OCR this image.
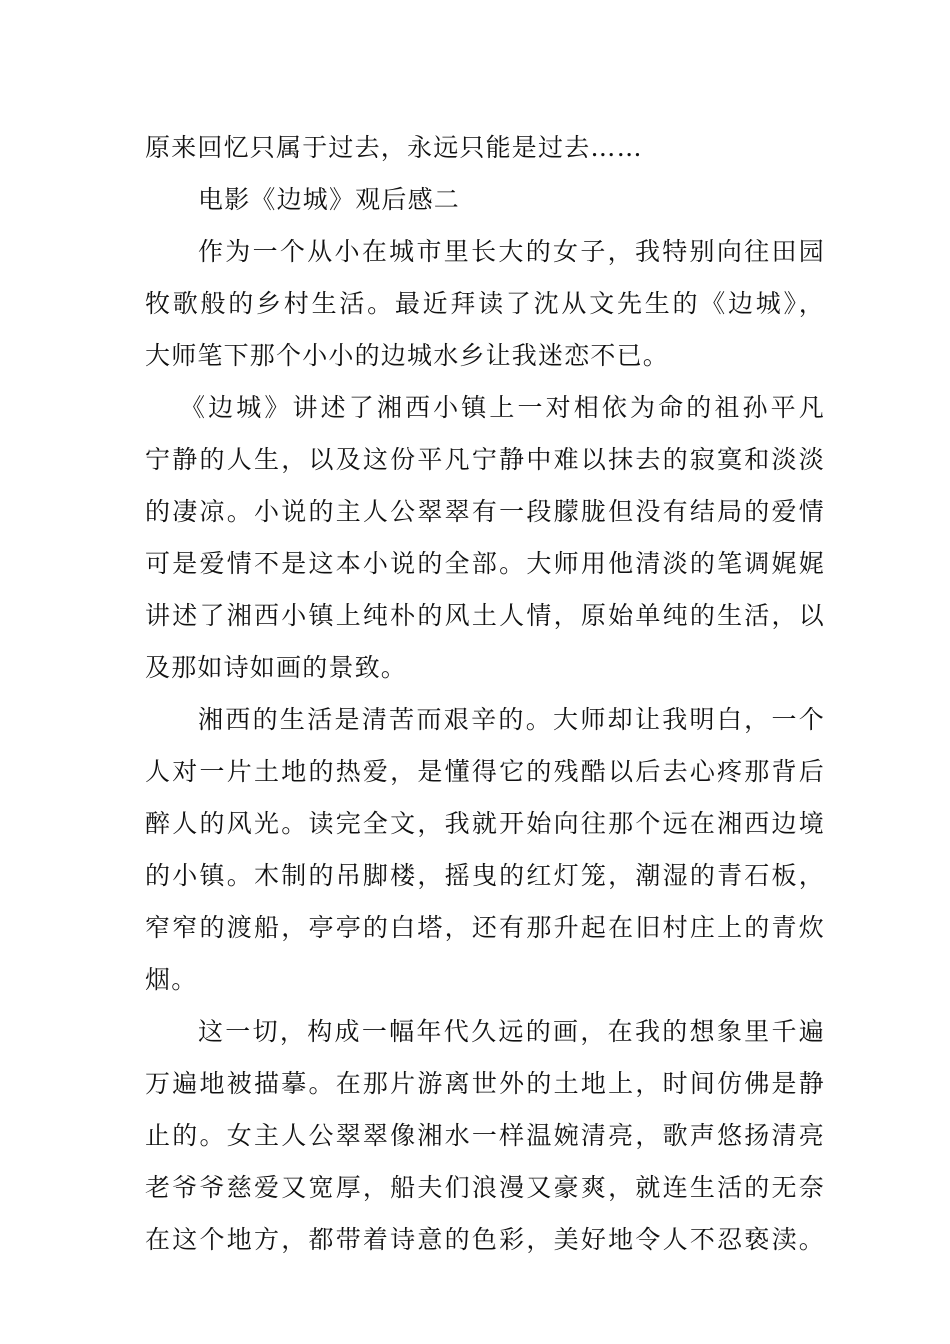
原来回忆只属于过去，永远只能是过去……
电影《边城》观后感二
作为一个从小在城市里长大的女子，我特别向往田园
牧歌般的乡村生活。最近拜读了沈从文先生的《边城》，
大师笔下那个小小的边城水乡让我迷恋不已。
《边城》讲述了湘西小镇上一对相依为命的祖孙平凡
宁静的人生，以及这份平凡宁静中难以抹去的寂寞和淡淡
的凄凉。小说的主人公翠翠有一段朦胧但没有结局的爱情
可是爱情不是这本小说的全部。大师用他清淡的笔调娓娓
讲述了湘西小镇上纯朴的风土人情，原始单纯的生活，以
及那如诗如画的景致。
湘西的生活是清苦而艰辛的。大师却让我明白，一个
人对一片土地的热爱，是懂得它的残酷以后去心疼那背后
醉人的风光。读完全文，我就开始向往那个远在湘西边境
的小镇。木制的吊脚楼，摇曳的红灯笼，潮湿的青石板，
窄窄的渡船，亭亭的白塔，还有那升起在旧村庄上的青炊
烟。
这一切，构成一幅年代久远的画，在我的想象里千遍
万遍地被描摹。在那片游离世外的土地上，时间仿佛是静
止的。女主人公翠翠像湘水一样温婉清亮，歌声悠扬清亮
老爷爷慈爱又宽厚，船夫们浪漫又豪爽，就连生活的无奈
在这个地方，都带着诗意的色彩，美好地令人不忍亵渎。
